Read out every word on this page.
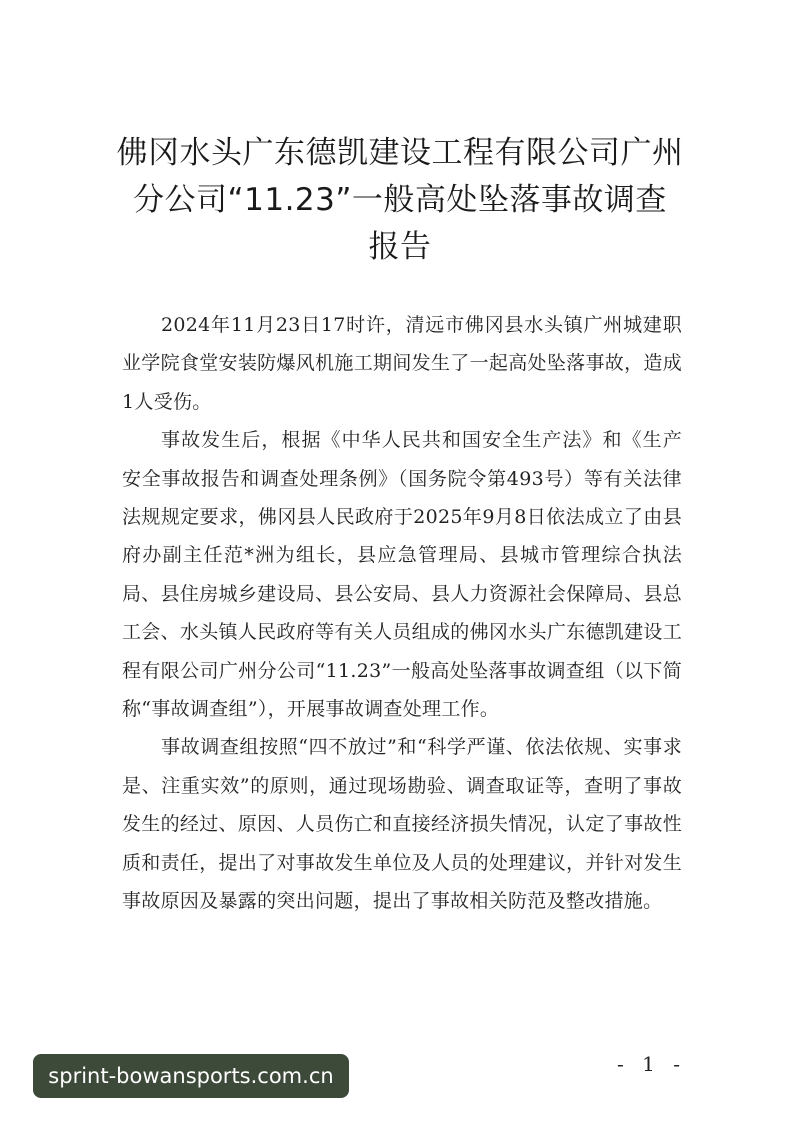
佛冈水头广东德凯建设工程有限公司广州
分公司“11.23”一般高处坠落事故调查
报告

2024年11月23日17时许，清远市佛冈县水头镇广州城建职业学院食堂安装防爆风机施工期间发生了一起高处坠落事故，造成1人受伤。

事故发生后，根据《中华人民共和国安全生产法》和《生产安全事故报告和调查处理条例》（国务院令第493号）等有关法律法规规定要求，佛冈县人民政府于2025年9月8日依法成立了由县府办副主任范*洲为组长，县应急管理局、县城市管理综合执法局、县住房城乡建设局、县公安局、县人力资源社会保障局、县总工会、水头镇人民政府等有关人员组成的佛冈水头广东德凯建设工程有限公司广州分公司“11.23”一般高处坠落事故调查组（以下简称“事故调查组”），开展事故调查处理工作。

事故调查组按照“四不放过”和“科学严谨、依法依规、实事求是、注重实效”的原则，通过现场勘验、调查取证等，查明了事故发生的经过、原因、人员伤亡和直接经济损失情况，认定了事故性质和责任，提出了对事故发生单位及人员的处理建议，并针对发生事故原因及暴露的突出问题，提出了事故相关防范及整改措施。

- 1 -
sprint-bowansports.com.cn
